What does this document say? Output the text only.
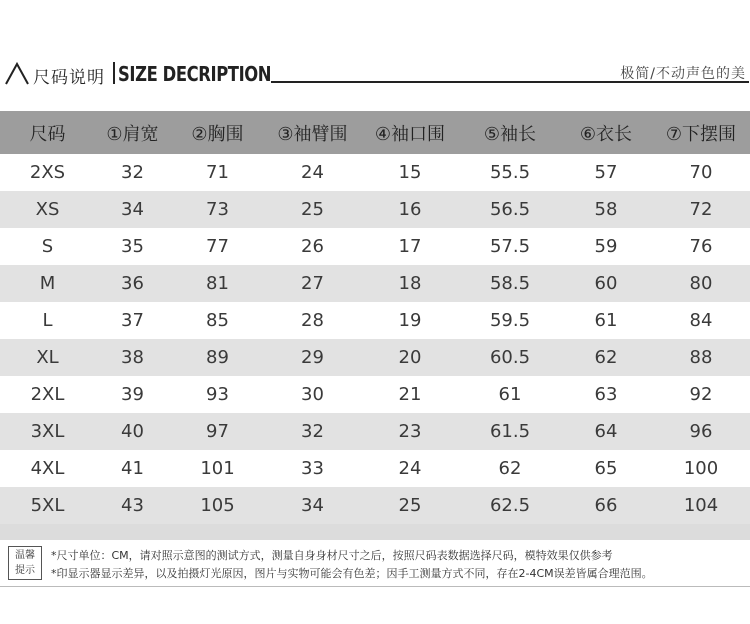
尺码说明 SIZE DECRIPTION	极简/不动声色的美
尺码	①肩宽	②胸围	③袖臂围	④袖口围	⑤袖长	⑥衣长	⑦下摆围
2XS	32	71	24	15	55.5	57	70
XS	34	73	25	16	56.5	58	72
S	35	77	26	17	57.5	59	76
M	36	81	27	18	58.5	60	80
L	37	85	28	19	59.5	61	84
XL	38	89	29	20	60.5	62	88
2XL	39	93	30	21	61	63	92
3XL	40	97	32	23	61.5	64	96
4XL	41	101	33	24	62	65	100
5XL	43	105	34	25	62.5	66	104
温馨
提示
*尺寸单位：CM，请对照示意图的测试方式，测量自身身材尺寸之后，按照尺码表数据选择尺码，模特效果仅供参考
*印显示器显示差异，以及拍摄灯光原因，图片与实物可能会有色差；因手工测量方式不同，存在2-4CM误差皆属合理范围。
